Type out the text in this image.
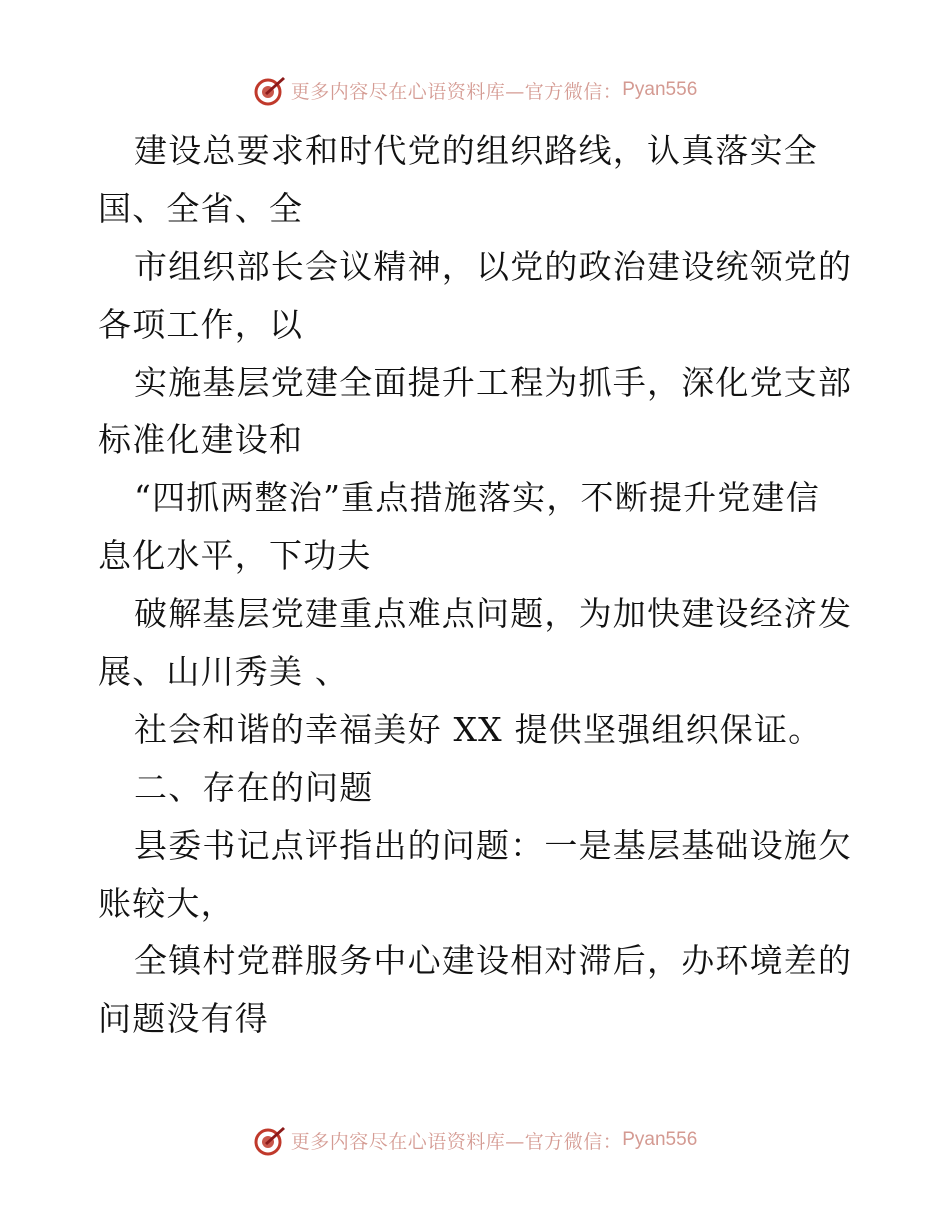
更多内容尽在心语资料库—官方微信： Pyan556
建设总要求和时代党的组织路线，认真落实全
国、全省、全
市组织部长会议精神，以党的政治建设统领党的
各项工作，以
实施基层党建全面提升工程为抓手，深化党支部
标准化建设和
“四抓两整治”重点措施落实，不断提升党建信
息化水平，下功夫
破解基层党建重点难点问题，为加快建设经济发
展、山川秀美 、
社会和谐的幸福美好 XX 提供坚强组织保证。
二、存在的问题
县委书记点评指出的问题：一是基层基础设施欠
账较大，
全镇村党群服务中心建设相对滞后，办环境差的
问题没有得
更多内容尽在心语资料库—官方微信： Pyan556
